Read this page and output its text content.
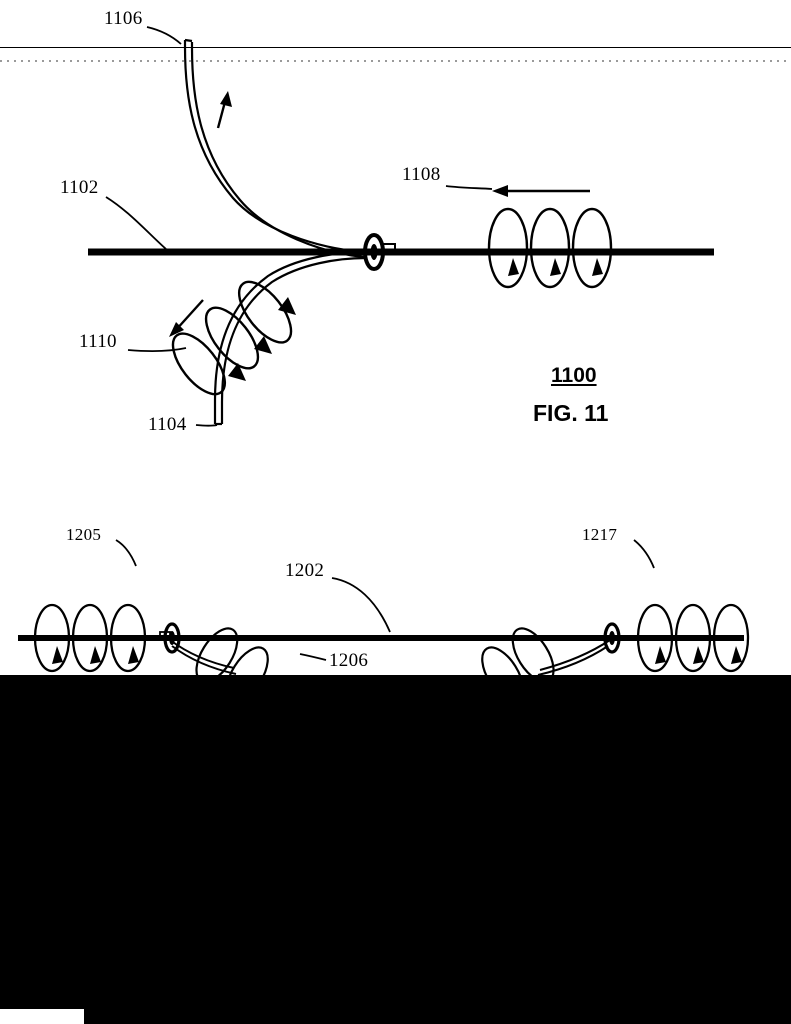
1106
1102
1108
1110
1104
1100
FIG. 11
1205	1217
1202
1206
